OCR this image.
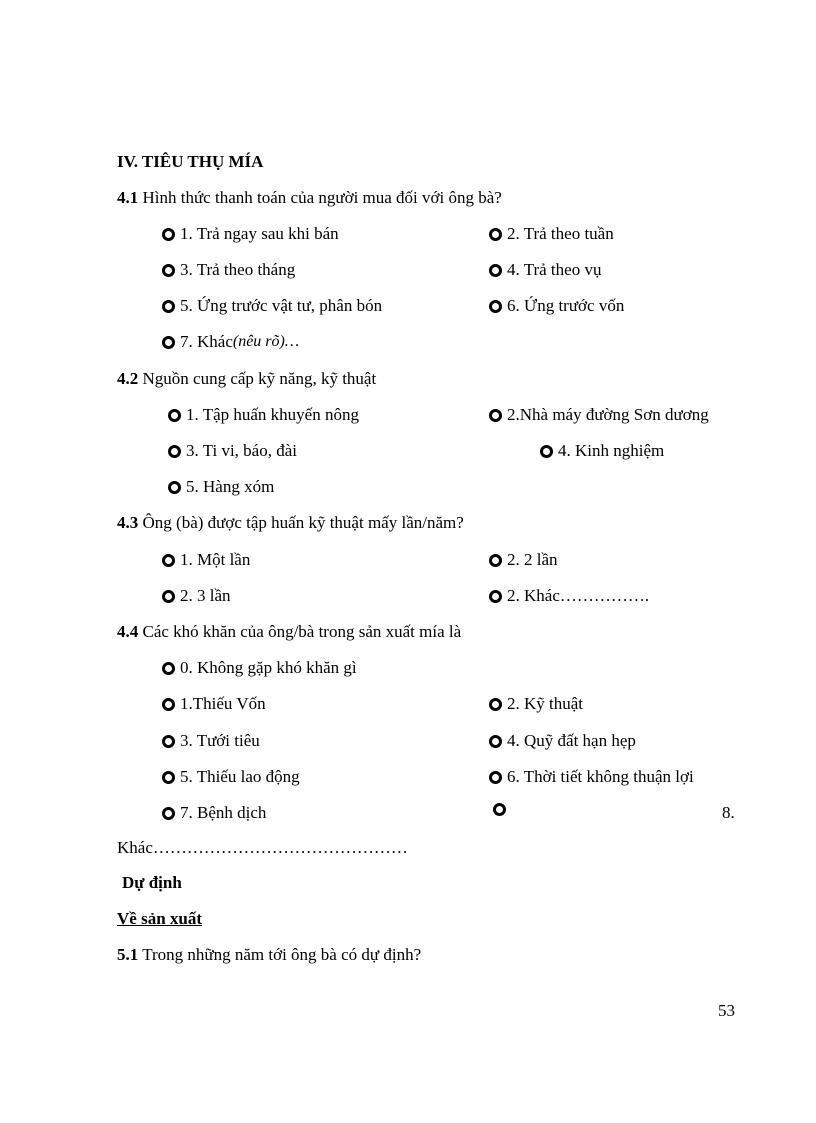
IV. TIÊU THỤ MÍA
4.1 Hình thức thanh toán của người mua đối với ông bà?
1. Trả ngay sau khi bán	2. Trả theo tuần
3. Trả theo tháng	4. Trả theo vụ
5. Ứng trước vật tư, phân bón	6. Ứng trước vốn
7. Khác (nêu rõ)…
4.2 Nguồn cung cấp kỹ năng, kỹ thuật
1. Tập huấn khuyến nông	2.Nhà máy đường Sơn dương
3. Ti vi, báo, đài	4. Kinh nghiệm
5. Hàng xóm
4.3 Ông (bà) được tập huấn kỹ thuật mấy lần/năm?
1. Một lần	2. 2 lần
2. 3 lần	2. Khác…………….
4.4 Các khó khăn của ông/bà trong sản xuất mía là
0. Không gặp khó khăn gì
1.Thiếu Vốn	2. Kỹ thuật
3. Tưới tiêu	4. Quỹ đất hạn hẹp
5. Thiếu lao động	6. Thời tiết không thuận lợi
7. Bệnh dịch	8.
Khác………………………………………
Dự định
Về sản xuất
5.1 Trong những năm tới ông bà có dự định?
53
